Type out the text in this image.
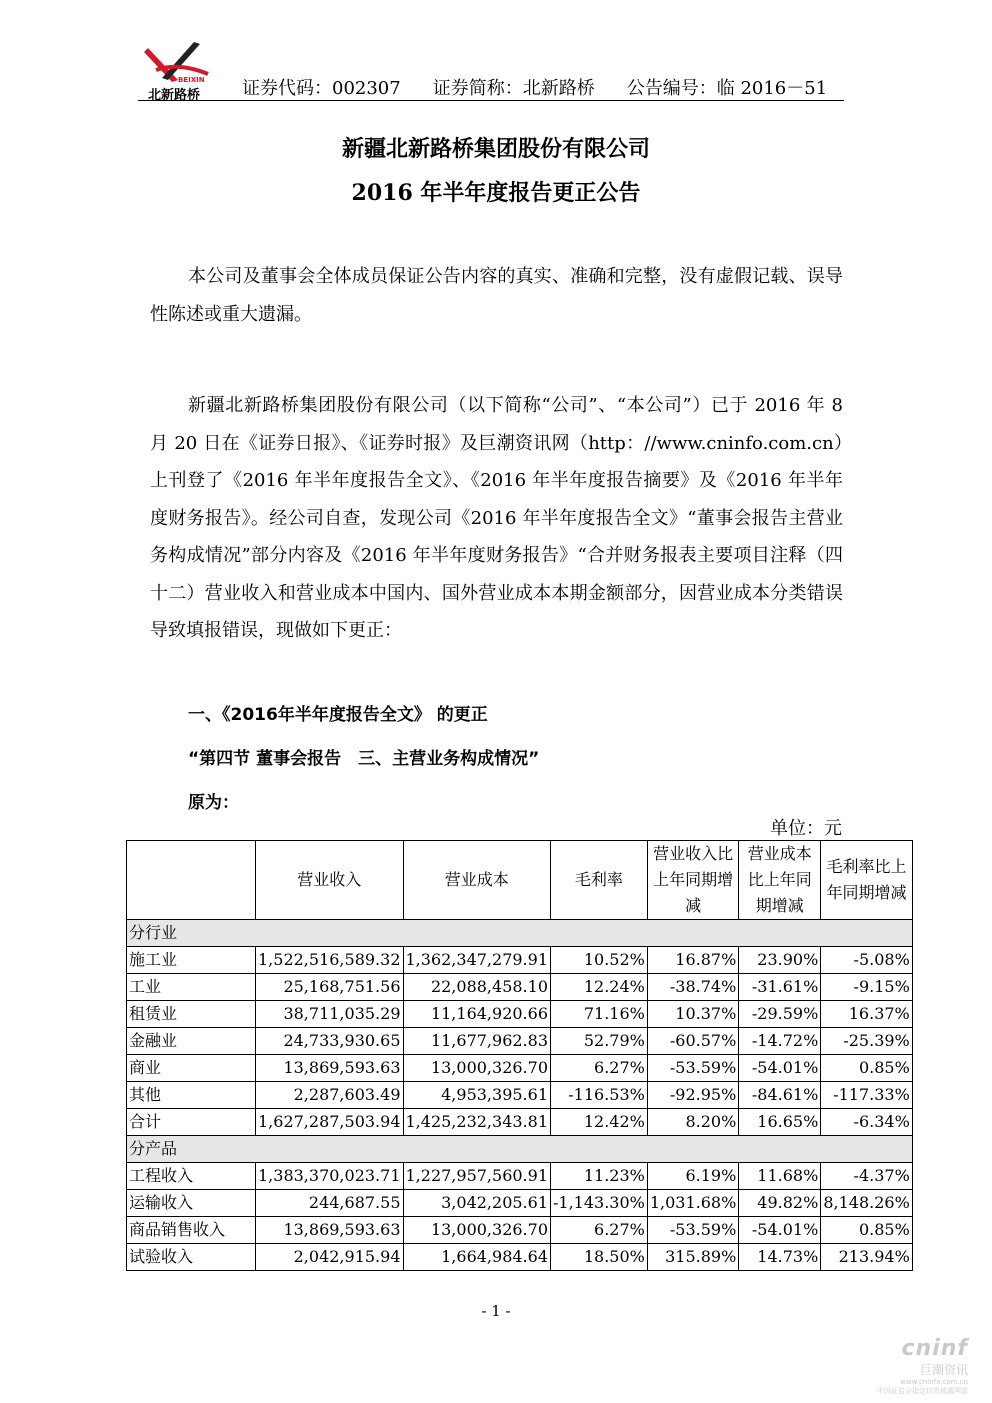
BEIXIN
北新路桥 证券代码：002307 证券简称：北新路桥 公告编号：临 2016－51
新疆北新路桥集团股份有限公司
2016 年半年度报告更正公告
本公司及董事会全体成员保证公告内容的真实、准确和完整，没有虚假记载、误导性陈述或重大遗漏。
新疆北新路桥集团股份有限公司（以下简称“公司”、“本公司”）已于 2016 年 8 月 20 日在《证券日报》、《证券时报》及巨潮资讯网（http：//www.cninfo.com.cn）上刊登了《2016 年半年度报告全文》、《2016 年半年度报告摘要》及《2016 年半年度财务报告》。经公司自查，发现公司《2016 年半年度报告全文》“董事会报告主营业务构成情况”部分内容及《2016 年半年度财务报告》“合并财务报表主要项目注释（四十二）营业收入和营业成本中国内、国外营业成本本期金额部分，因营业成本分类错误导致填报错误，现做如下更正：
一、《2016年半年度报告全文》 的更正
“第四节 董事会报告　三、主营业务构成情况”
原为：
单位：元
	营业收入	营业成本	毛利率	营业收入比上年同期增减	营业成本比上年同期增减	毛利率比上年同期增减
分行业						
施工业	1,522,516,589.32	1,362,347,279.91	10.52%	16.87%	23.90%	-5.08%
工业	25,168,751.56	22,088,458.10	12.24%	-38.74%	-31.61%	-9.15%
租赁业	38,711,035.29	11,164,920.66	71.16%	10.37%	-29.59%	16.37%
金融业	24,733,930.65	11,677,962.83	52.79%	-60.57%	-14.72%	-25.39%
商业	13,869,593.63	13,000,326.70	6.27%	-53.59%	-54.01%	0.85%
其他	2,287,603.49	4,953,395.61	-116.53%	-92.95%	-84.61%	-117.33%
合计	1,627,287,503.94	1,425,232,343.81	12.42%	8.20%	16.65%	-6.34%
分产品						
工程收入	1,383,370,023.71	1,227,957,560.91	11.23%	6.19%	11.68%	-4.37%
运输收入	244,687.55	3,042,205.61	-1,143.30%	1,031.68%	49.82%	8,148.26%
商品销售收入	13,869,593.63	13,000,326.70	6.27%	-53.59%	-54.01%	0.85%
试验收入	2,042,915.94	1,664,984.64	18.50%	315.89%	14.73%	213.94%
- 1 -
cninf
巨潮资讯
www.cninfo.com.cn
中国证监会指定信息披露网站
